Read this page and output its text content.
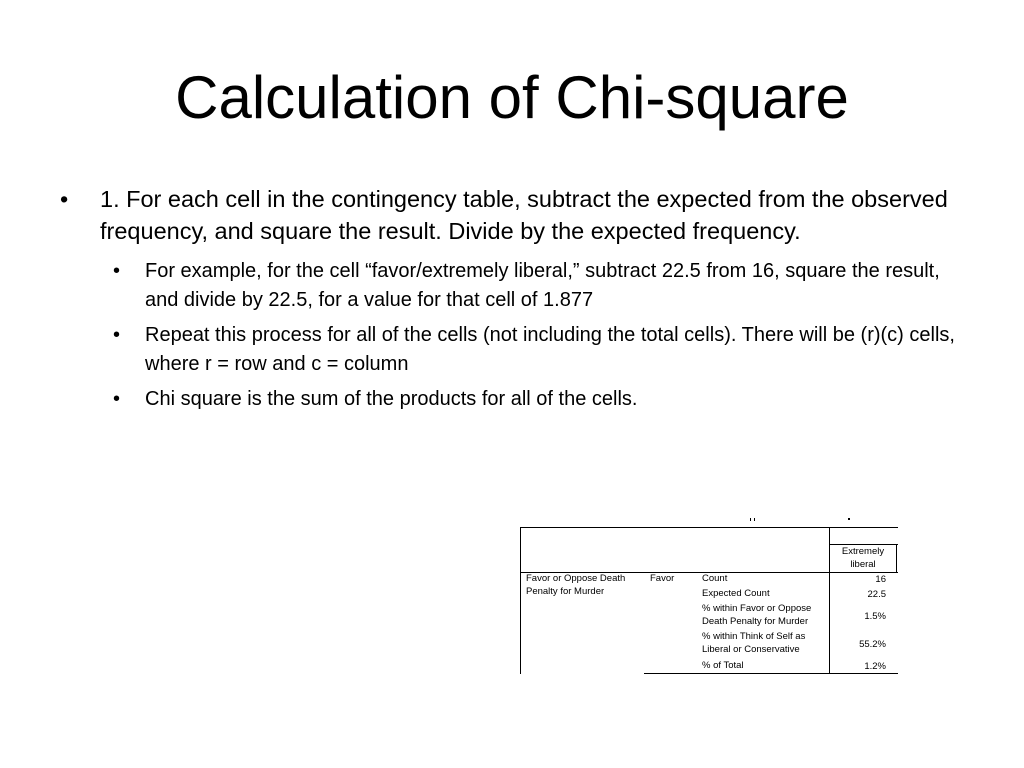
Calculation of Chi-square
• 1. For each cell in the contingency table, subtract the expected from the observed frequency, and square the result. Divide by the expected frequency.
• For example, for the cell “favor/extremely liberal,” subtract 22.5 from 16, square the result, and divide by 22.5, for a value for that cell of 1.877
• Repeat this process for all of the cells (not including the total cells). There will be (r)(c) cells, where r = row and c = column
• Chi square is the sum of the products for all of the cells.
Extremely liberal
Favor or Oppose Death Penalty for Murder
Favor	Count
Expected Count
% within Favor or Oppose Death Penalty for Murder
% within Think of Self as Liberal or Conservative
% of Total
16
22.5
1.5%
55.2%
1.2%
